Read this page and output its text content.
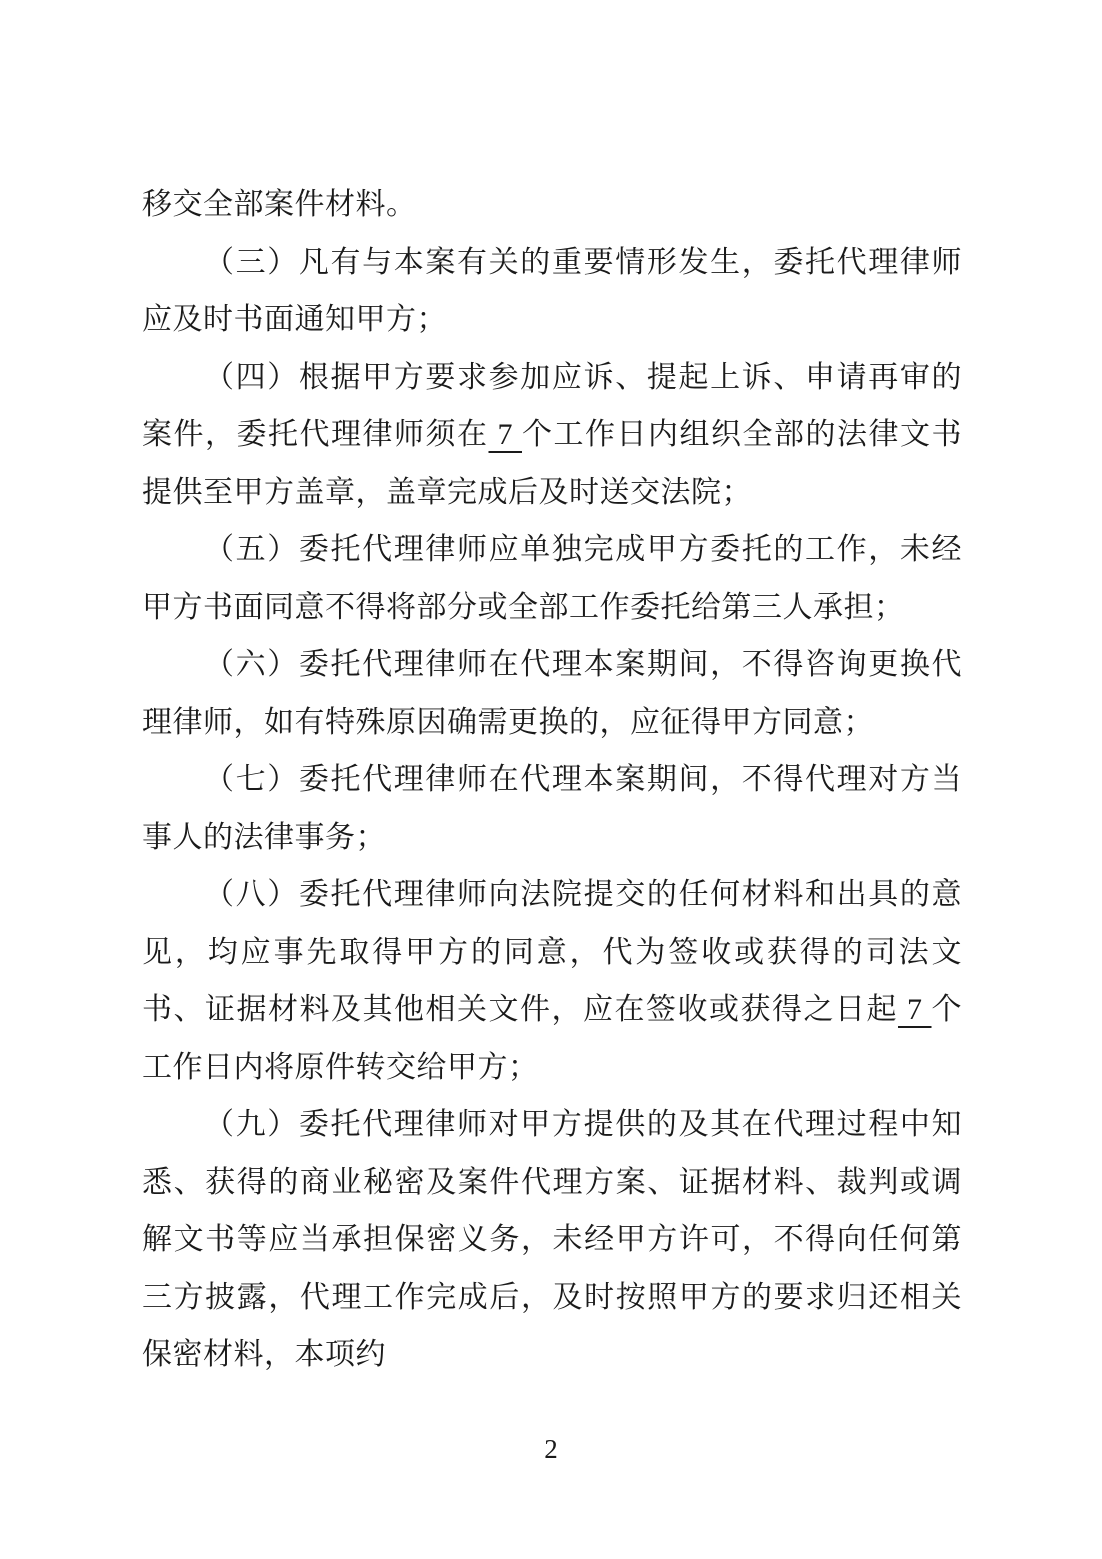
移交全部案件材料。

（三）凡有与本案有关的重要情形发生，委托代理律师应及时书面通知甲方；

（四）根据甲方要求参加应诉、提起上诉、申请再审的案件，委托代理律师须在 7 个工作日内组织全部的法律文书提供至甲方盖章，盖章完成后及时送交法院；

（五）委托代理律师应单独完成甲方委托的工作，未经甲方书面同意不得将部分或全部工作委托给第三人承担；

（六）委托代理律师在代理本案期间，不得咨询更换代理律师，如有特殊原因确需更换的，应征得甲方同意；

（七）委托代理律师在代理本案期间，不得代理对方当事人的法律事务；

（八）委托代理律师向法院提交的任何材料和出具的意见，均应事先取得甲方的同意，代为签收或获得的司法文书、证据材料及其他相关文件，应在签收或获得之日起 7 个工作日内将原件转交给甲方；

（九）委托代理律师对甲方提供的及其在代理过程中知悉、获得的商业秘密及案件代理方案、证据材料、裁判或调解文书等应当承担保密义务，未经甲方许可，不得向任何第三方披露，代理工作完成后，及时按照甲方的要求归还相关保密材料，本项约

2
